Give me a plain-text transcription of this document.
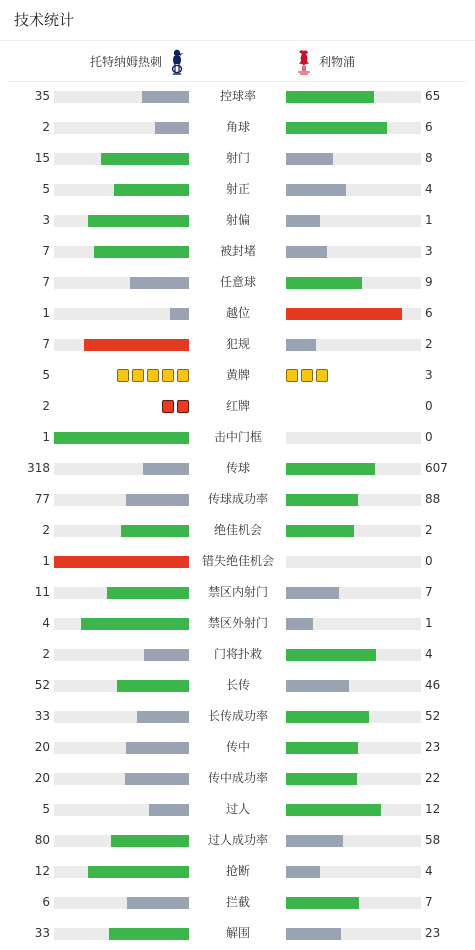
技术统计
托特纳姆热刺	利物浦
35	控球率	65
2	角球	6
15	射门	8
5	射正	4
3	射偏	1
7	被封堵	3
7	任意球	9
1	越位	6
7	犯规	2
5	黄牌	3
2	红牌	0
1	击中门框	0
318	传球	607
77	传球成功率	88
2	绝佳机会	2
1	错失绝佳机会	0
11	禁区内射门	7
4	禁区外射门	1
2	门将扑救	4
52	长传	46
33	长传成功率	52
20	传中	23
20	传中成功率	22
5	过人	12
80	过人成功率	58
12	抢断	4
6	拦截	7
33	解围	23
